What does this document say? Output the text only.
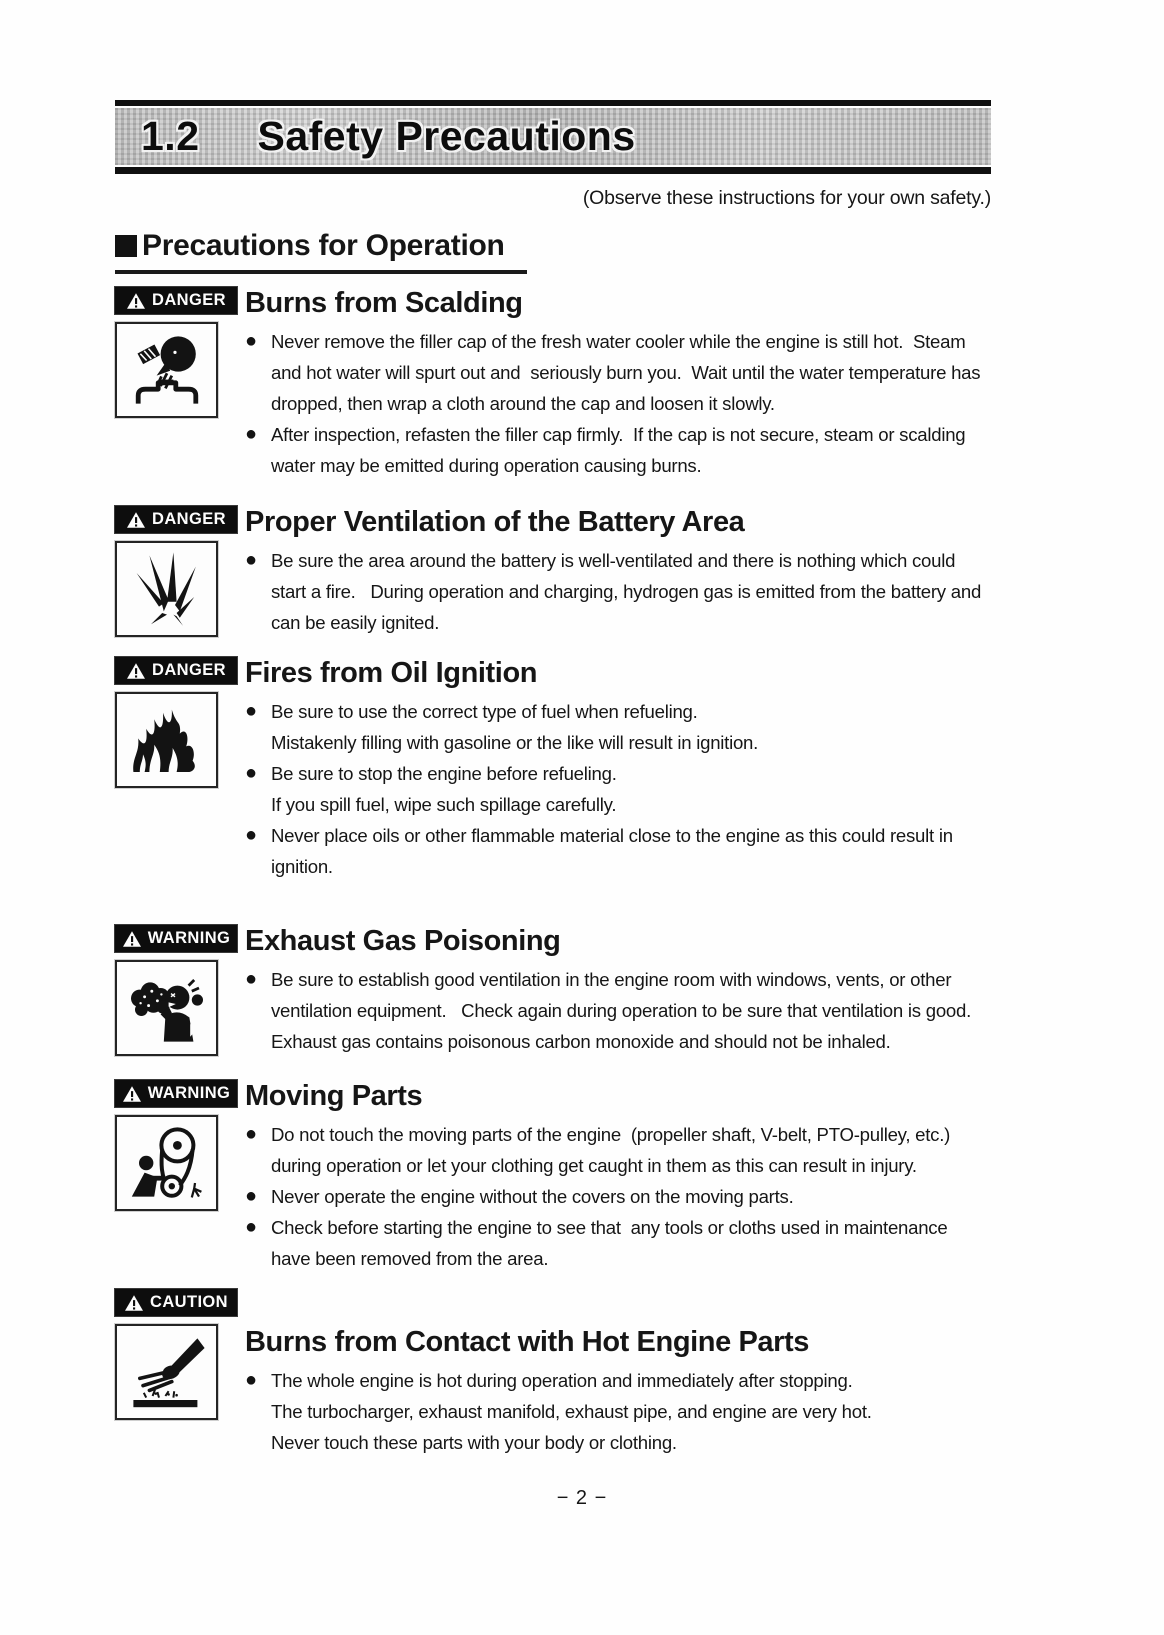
1.2 Safety Precautions
(Observe these instructions for your own safety.)
Precautions for Operation
DANGER Burns from Scalding
● Never remove the filler cap of the fresh water cooler while the engine is still hot.  Steam and hot water will spurt out and  seriously burn you.  Wait until the water temperature has dropped, then wrap a cloth around the cap and loosen it slowly.
● After inspection, refasten the filler cap firmly.  If the cap is not secure, steam or scalding water may be emitted during operation causing burns.
DANGER Proper Ventilation of the Battery Area
● Be sure the area around the battery is well-ventilated and there is nothing which could start a fire.   During operation and charging, hydrogen gas is emitted from the battery and can be easily ignited.
DANGER Fires from Oil Ignition
● Be sure to use the correct type of fuel when refueling.
Mistakenly filling with gasoline or the like will result in ignition.
● Be sure to stop the engine before refueling.
If you spill fuel, wipe such spillage carefully.
● Never place oils or other flammable material close to the engine as this could result in ignition.
WARNING Exhaust Gas Poisoning
● Be sure to establish good ventilation in the engine room with windows, vents, or other ventilation equipment.   Check again during operation to be sure that ventilation is good.   Exhaust gas contains poisonous carbon monoxide and should not be inhaled.
WARNING Moving Parts
● Do not touch the moving parts of the engine  (propeller shaft, V-belt, PTO-pulley, etc.)  during operation or let your clothing get caught in them as this can result in injury.
● Never operate the engine without the covers on the moving parts.
● Check before starting the engine to see that  any tools or cloths used in maintenance have been removed from the area.
CAUTION
Burns from Contact with Hot Engine Parts
● The whole engine is hot during operation and immediately after stopping.
The turbocharger, exhaust manifold, exhaust pipe, and engine are very hot.
Never touch these parts with your body or clothing.
− 2 −
